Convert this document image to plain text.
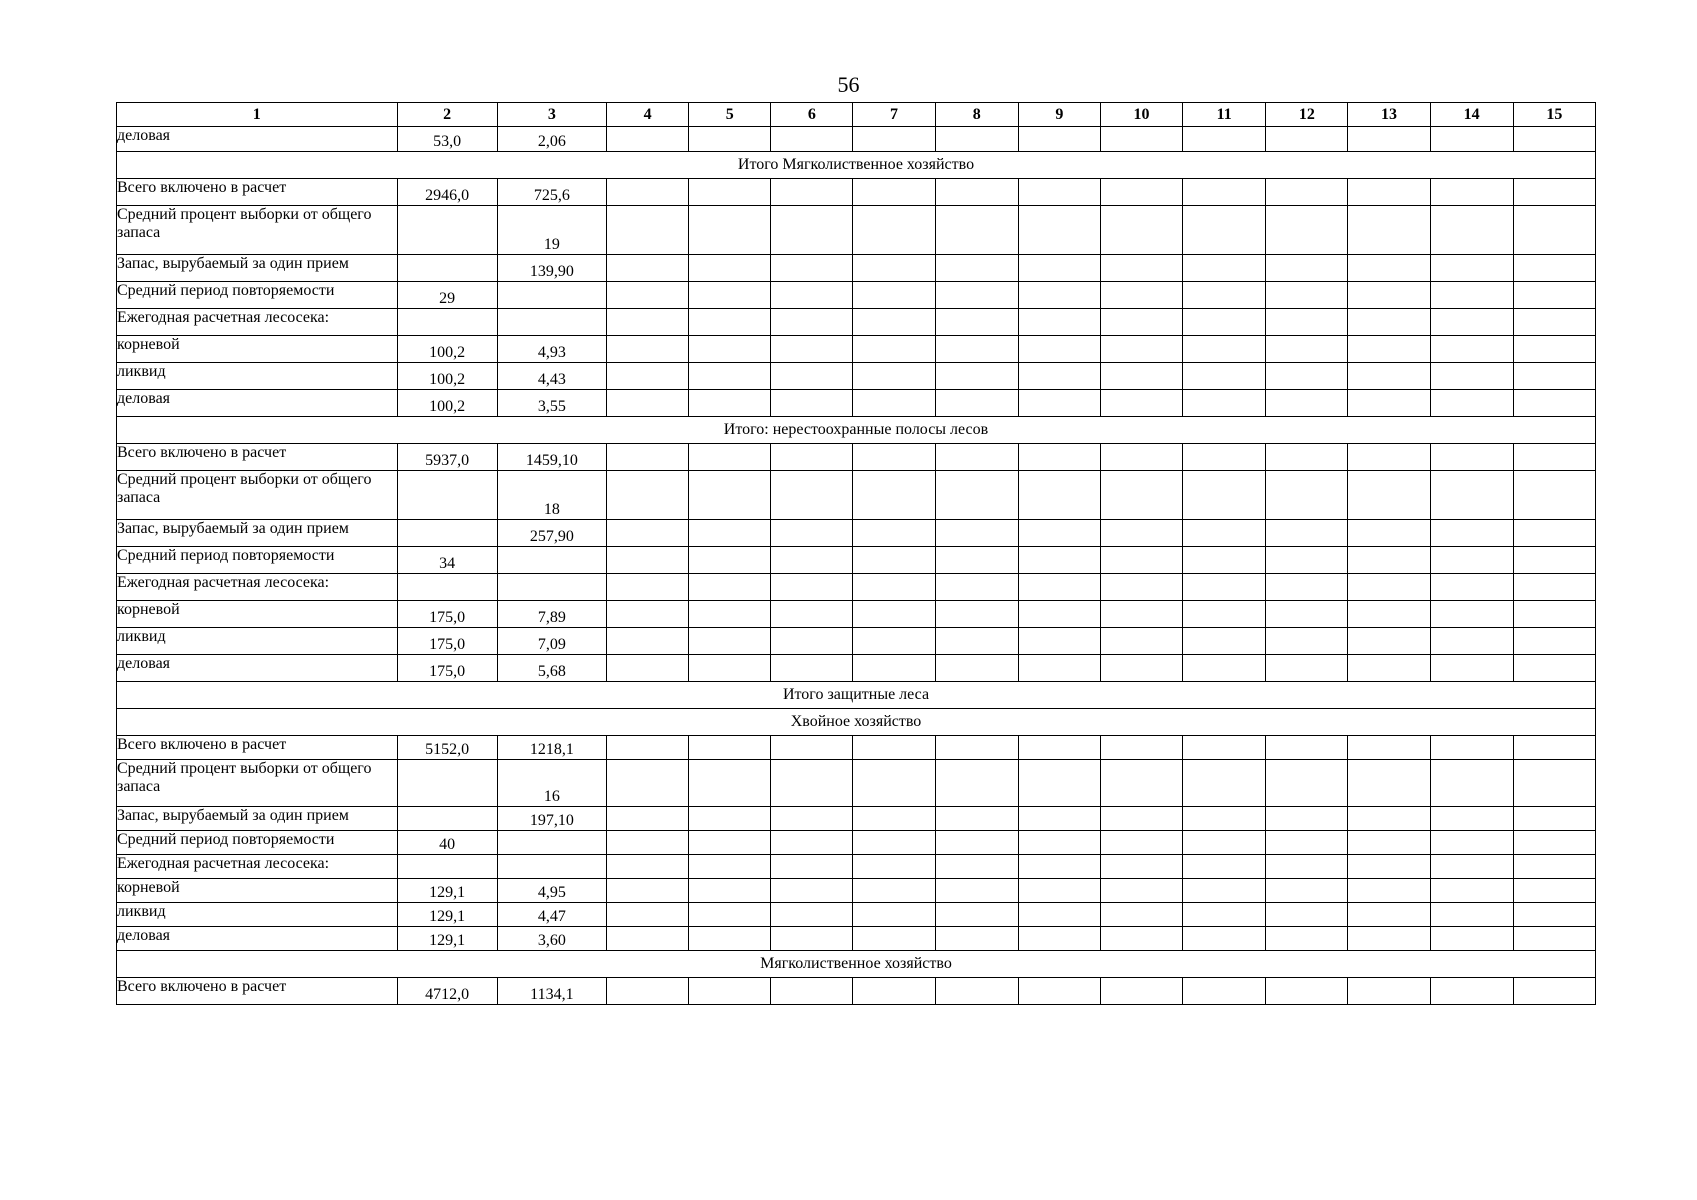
56
1	2	3	4	5	6	7	8	9	10	11	12	13	14	15
деловая	53,0	2,06												
Итого Мягколиственное хозяйство														
Всего включено в расчет	2946,0	725,6												
Средний процент выборки от общего запаса		19												
Запас, вырубаемый за один прием		139,90												
Средний период повторяемости	29													
Ежегодная расчетная лесосека:														
корневой	100,2	4,93												
ликвид	100,2	4,43												
деловая	100,2	3,55												
Итого: нерестоохранные полосы лесов														
Всего включено в расчет	5937,0	1459,10												
Средний процент выборки от общего запаса		18												
Запас, вырубаемый за один прием		257,90												
Средний период повторяемости	34													
Ежегодная расчетная лесосека:														
корневой	175,0	7,89												
ликвид	175,0	7,09												
деловая	175,0	5,68												
Итого защитные леса														
Хвойное хозяйство														
Всего включено в расчет	5152,0	1218,1												
Средний процент выборки от общего запаса		16												
Запас, вырубаемый за один прием		197,10												
Средний период повторяемости	40													
Ежегодная расчетная лесосека:														
корневой	129,1	4,95												
ликвид	129,1	4,47												
деловая	129,1	3,60												
Мягколиственное хозяйство														
Всего включено в расчет	4712,0	1134,1												
